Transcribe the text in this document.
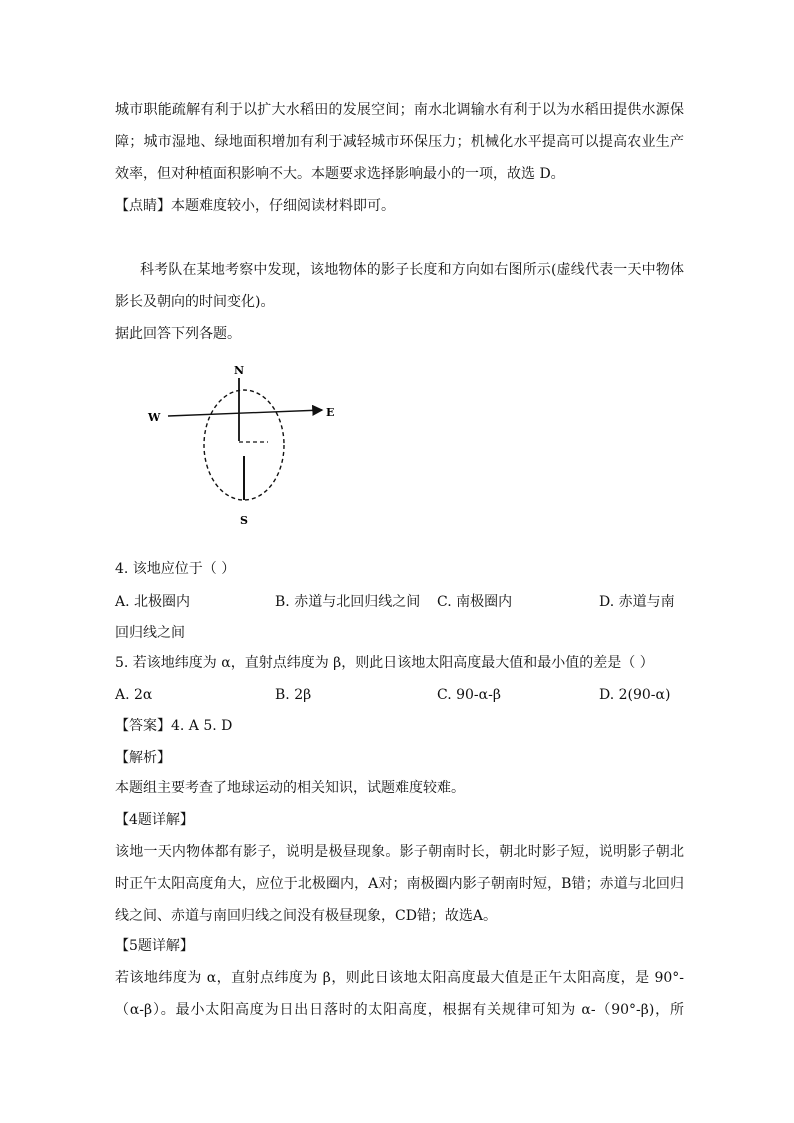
城市职能疏解有利于以扩大水稻田的发展空间；南水北调输水有利于以为水稻田提供水源保
障；城市湿地、绿地面积增加有利于减轻城市环保压力；机械化水平提高可以提高农业生产
效率，但对种植面积影响不大。本题要求选择影响最小的一项，故选 D。
【点睛】本题难度较小，仔细阅读材料即可。
科考队在某地考察中发现，该地物体的影子长度和方向如右图所示(虚线代表一天中物体
影长及朝向的时间变化)。
据此回答下列各题。
N
W	E
S
4. 该地应位于（ ）
A. 北极圈内	B. 赤道与北回归线之间 C. 南极圈内	D. 赤道与南
回归线之间
5. 若该地纬度为 α，直射点纬度为 β，则此日该地太阳高度最大值和最小值的差是（ ）
A. 2α	B. 2β	C. 90-α-β	D. 2(90-α)
【答案】4. A 5. D
【解析】
本题组主要考查了地球运动的相关知识，试题难度较难。
【4题详解】
该地一天内物体都有影子，说明是极昼现象。影子朝南时长，朝北时影子短，说明影子朝北
时正午太阳高度角大，应位于北极圈内，A对；南极圈内影子朝南时短，B错；赤道与北回归
线之间、赤道与南回归线之间没有极昼现象，CD错；故选A。
【5题详解】
若该地纬度为 α，直射点纬度为 β，则此日该地太阳高度最大值是正午太阳高度，是 90°-
（α-β）。最小太阳高度为日出日落时的太阳高度，根据有关规律可知为 α-（90°-β)，所
